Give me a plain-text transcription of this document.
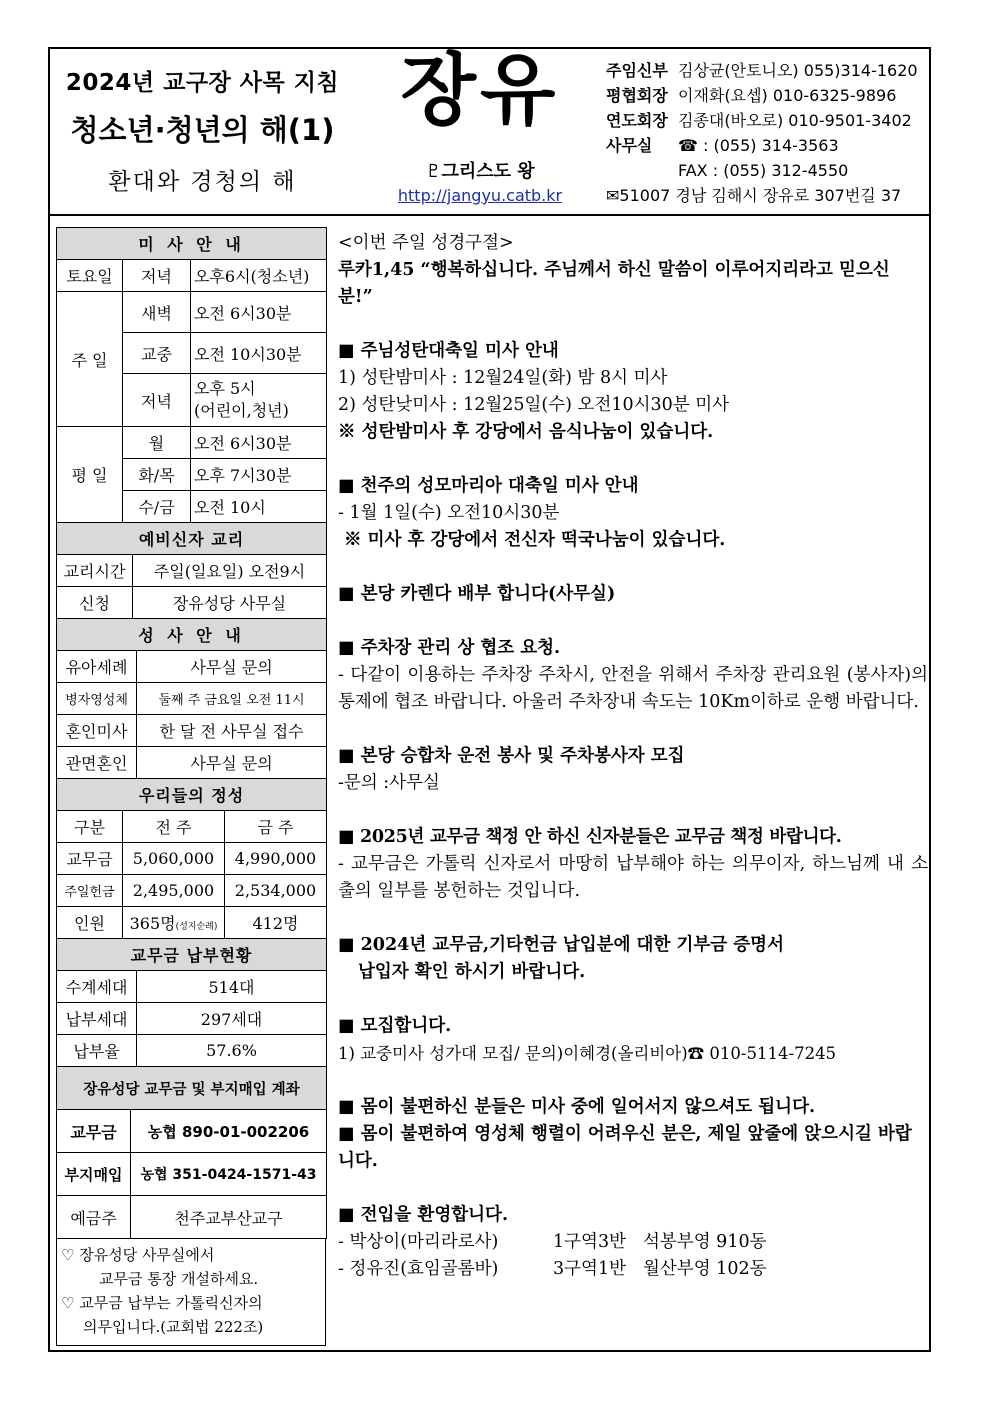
2024년 교구장 사목 지침
청소년·청년의 해(1)
환대와 경청의 해
장유
♇그리스도 왕
http://jangyu.catb.kr
주임신부 김상균(안토니오) 055)314-1620
평협회장 이재화(요셉) 010-6325-9896
연도회장 김종대(바오로) 010-9501-3402
사무실 ☎ : (055) 314-3563
FAX : (055) 312-4550
✉51007 경남 김해시 장유로 307번길 37
미 사 안 내		
토요일	저녁	오후6시(청소년)
주 일	새벽	오전 6시30분
	교중	오전 10시30분
	저녁	오후 5시
(어린이,청년)
평 일	월	오전 6시30분
	화/목	오후 7시30분
	수/금	오전 10시
예비신자 교리	
교리시간	주일(일요일) 오전9시
신청	장유성당 사무실
성 사 안 내	
유아세례	사무실 문의
병자영성체	둘째 주 금요일 오전 11시
혼인미사	한 달 전 사무실 접수
관면혼인	사무실 문의
우리들의 정성		
구분	전 주	금 주
교무금	5,060,000	4,990,000
주일헌금	2,495,000	2,534,000
인원	365명(성지순례)	412명
교무금 납부현황	
수계세대	514대
납부세대	297세대
납부율	57.6%
장유성당 교무금 및 부지매입 계좌	
교무금	농협 890-01-002206
부지매입	농협 351-0424-1571-43
예금주	천주교부산교구
♡ 장유성당 사무실에서
교무금 통장 개설하세요.
♡ 교무금 납부는 가톨릭신자의
의무입니다.(교회법 222조)

<이번 주일 성경구절>

루카1,45 “행복하십니다. 주님께서 하신 말씀이 이루어지리라고 믿으신 분!”

■ 주님성탄대축일 미사 안내

1) 성탄밤미사 : 12월24일(화) 밤 8시 미사

2) 성탄낮미사 : 12월25일(수) 오전10시30분 미사

※ 성탄밤미사 후 강당에서 음식나눔이 있습니다.

■ 천주의 성모마리아 대축일 미사 안내

- 1월 1일(수) 오전10시30분

※ 미사 후 강당에서 전신자 떡국나눔이 있습니다.

■ 본당 카렌다 배부 합니다(사무실)

■ 주차장 관리 상 협조 요청.

- 다같이 이용하는 주차장 주차시, 안전을 위해서 주차장 관리요원 (봉사자)의 통제에 협조 바랍니다. 아울러 주차장내 속도는 10Km이하로 운행 바랍니다.

■ 본당 승합차 운전 봉사 및 주차봉사자 모집

-문의 :사무실

■ 2025년 교무금 책정 안 하신 신자분들은 교무금 책정 바랍니다.

- 교무금은 가톨릭 신자로서 마땅히 납부해야 하는 의무이자, 하느님께 내 소출의 일부를 봉헌하는 것입니다.

■ 2024년 교무금,기타헌금 납입분에 대한 기부금 증명서

납입자 확인 하시기 바랍니다.

■ 모집합니다.

1) 교중미사 성가대 모집/ 문의)이혜경(올리비아)☎ 010-5114-7245

■ 몸이 불편하신 분들은 미사 중에 일어서지 않으셔도 됩니다.

■ 몸이 불편하여 영성체 행렬이 어려우신 분은, 제일 앞줄에 앉으시길 바랍니다.

■ 전입을 환영합니다.

- 박상이(마리라로사)	1구역3반 석봉부영 910동

- 정유진(효임골롬바)	3구역1반 월산부영 102동
